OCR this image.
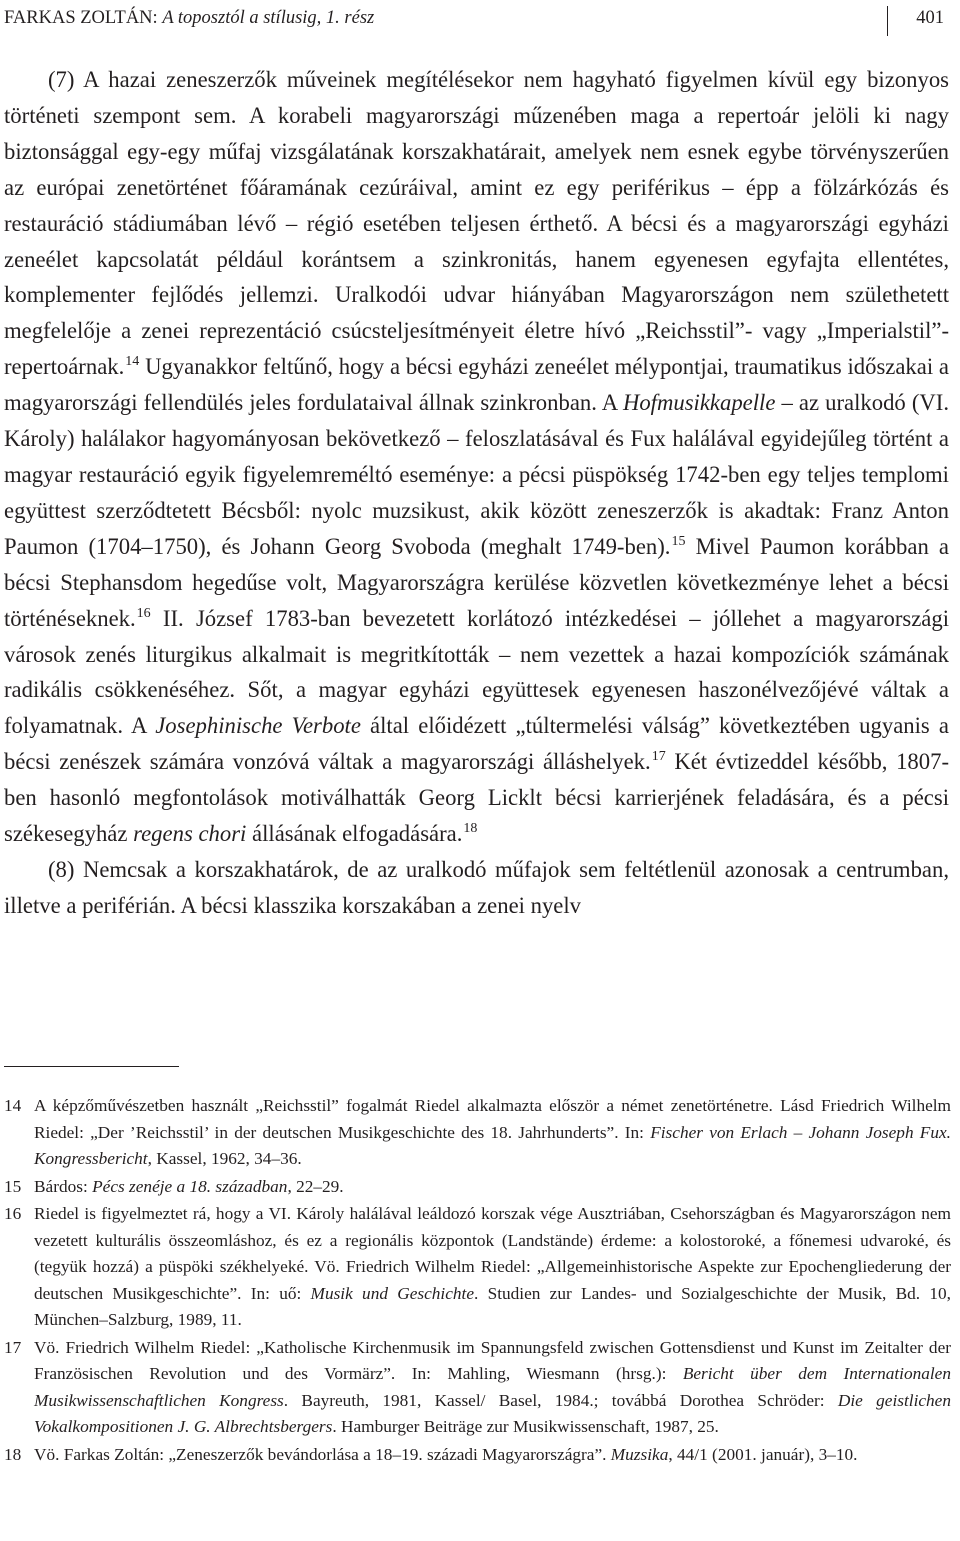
FARKAS ZOLTÁN: A toposztól a stílusig, 1. rész	401

(7) A hazai zeneszerzők műveinek megítélésekor nem hagyható figyelmen kívül egy bizonyos történeti szempont sem. A korabeli magyarországi műzenében maga a repertoár jelöli ki nagy biztonsággal egy-egy műfaj vizsgálatának korszakhatárait, amelyek nem esnek egybe törvényszerűen az európai zenetörténet főáramának cezúráival, amint ez egy periférikus – épp a fölzárkózás és restauráció stádiumában lévő – régió esetében teljesen érthető. A bécsi és a magyarországi egyházi zeneélet kapcsolatát például korántsem a szinkronitás, hanem egyenesen egyfajta ellentétes, komplementer fejlődés jellemzi. Uralkodói udvar hiányában Magyarországon nem születhetett megfelelője a zenei reprezentáció csúcsteljesítményeit életre hívó „Reichsstil”- vagy „Imperialstil”-repertoárnak.$^{14}$ Ugyanakkor feltűnő, hogy a bécsi egyházi zeneélet mélypontjai, traumatikus időszakai a magyarországi fellendülés jeles fordulataival állnak szinkronban. A Hofmusikkapelle – az uralkodó (VI. Károly) halálakor hagyományosan bekövetkező – feloszlatásával és Fux halálával egyidejűleg történt a magyar restauráció egyik figyelemreméltó eseménye: a pécsi püspökség 1742-ben egy teljes templomi együttest szerződtetett Bécsből: nyolc muzsikust, akik között zeneszerzők is akadtak: Franz Anton Paumon (1704–1750), és Johann Georg Svoboda (meghalt 1749-ben).$^{15}$ Mivel Paumon korábban a bécsi Stephansdom hegedűse volt, Magyarországra kerülése közvetlen következménye lehet a bécsi történéseknek.$^{16}$ II. József 1783-ban bevezetett korlátozó intézkedései – jóllehet a magyarországi városok zenés liturgikus alkalmait is megritkították – nem vezettek a hazai kompozíciók számának radikális csökkenéséhez. Sőt, a magyar egyházi együttesek egyenesen haszonélvezőjévé váltak a folyamatnak. A Josephinische Verbote által előidézett „túltermelési válság” következtében ugyanis a bécsi zenészek számára vonzóvá váltak a magyarországi álláshelyek.$^{17}$ Két évtizeddel később, 1807-ben hasonló megfontolások motiválhatták Georg Licklt bécsi karrierjének feladására, és a pécsi székesegyház regens chori állásának elfogadására.$^{18}$

(8) Nemcsak a korszakhatárok, de az uralkodó műfajok sem feltétlenül azonosak a centrumban, illetve a periférián. A bécsi klasszika korszakában a zenei nyelv

14 A képzőművészetben használt „Reichsstil” fogalmát Riedel alkalmazta először a német zenetörténetre. Lásd Friedrich Wilhelm Riedel: „Der ’Reichsstil’ in der deutschen Musikgeschichte des 18. Jahrhunderts”. In: Fischer von Erlach – Johann Joseph Fux. Kongressbericht, Kassel, 1962, 34–36.
15 Bárdos: Pécs zenéje a 18. században, 22–29.
16 Riedel is figyelmeztet rá, hogy a VI. Károly halálával leáldozó korszak vége Ausztriában, Csehországban és Magyarországon nem vezetett kulturális összeomláshoz, és ez a regionális központok (Landstände) érdeme: a kolostoroké, a főnemesi udvaroké, és (tegyük hozzá) a püspöki székhelyeké. Vö. Friedrich Wilhelm Riedel: „Allgemeinhistorische Aspekte zur Epochengliederung der deutschen Musikgeschichte”. In: uő: Musik und Geschichte. Studien zur Landes- und Sozialgeschichte der Musik, Bd. 10, München–Salzburg, 1989, 11.
17 Vö. Friedrich Wilhelm Riedel: „Katholische Kirchenmusik im Spannungsfeld zwischen Gottensdienst und Kunst im Zeitalter der Französischen Revolution und des Vormärz”. In: Mahling, Wiesmann (hrsg.): Bericht über dem Internationalen Musikwissenschaftlichen Kongress. Bayreuth, 1981, Kassel/ Basel, 1984.; továbbá Dorothea Schröder: Die geistlichen Vokalkompositionen J. G. Albrechtsbergers. Hamburger Beiträge zur Musikwissenschaft, 1987, 25.
18 Vö. Farkas Zoltán: „Zeneszerzők bevándorlása a 18–19. századi Magyarországra”. Muzsika, 44/1 (2001. január), 3–10.
